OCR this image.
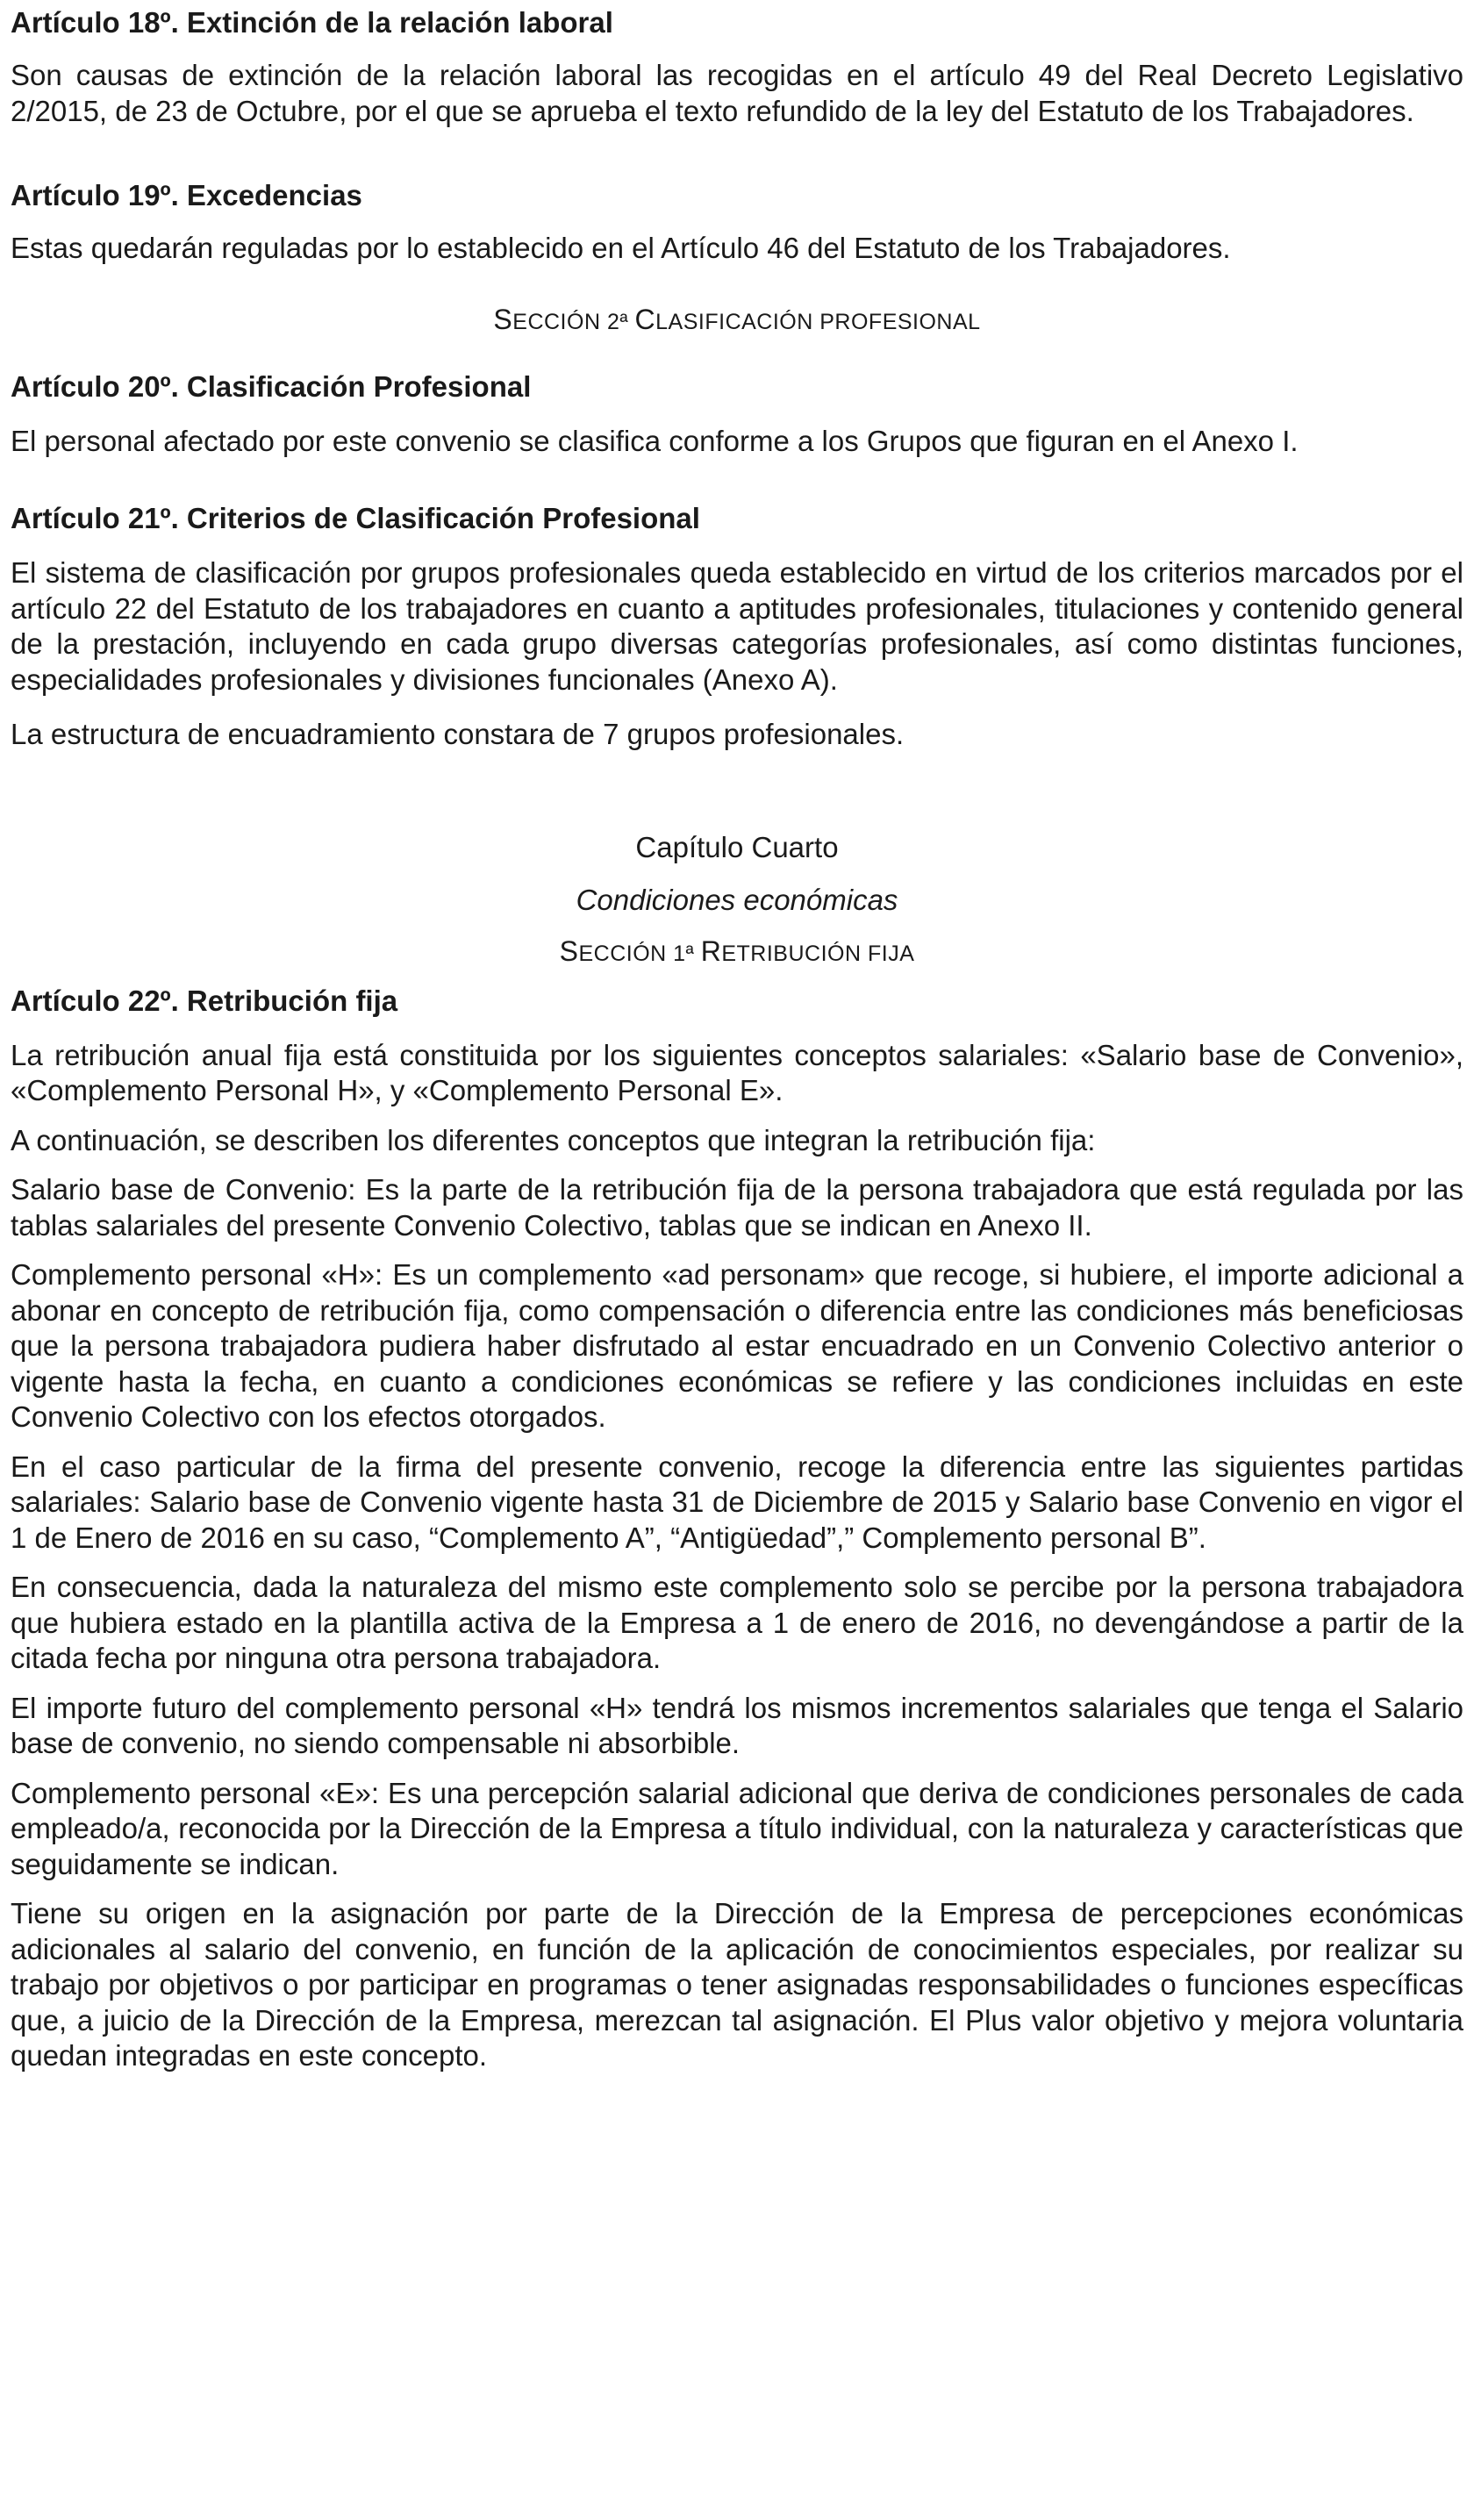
Artículo 18º. Extinción de la relación laboral

Son causas de extinción de la relación laboral las recogidas en el artículo 49 del Real Decreto Legislativo 2/2015, de 23 de Octubre, por el que se aprueba el texto refundido de la ley del Estatuto de los Trabajadores.

Artículo 19º. Excedencias

Estas quedarán reguladas por lo establecido en el Artículo 46 del Estatuto de los Trabajadores.

SECCIÓN 2ª CLASIFICACIÓN PROFESIONAL

Artículo 20º. Clasificación Profesional

El personal afectado por este convenio se clasifica conforme a los Grupos que figuran en el Anexo I.

Artículo 21º. Criterios de Clasificación Profesional

El sistema de clasificación por grupos profesionales queda establecido en virtud de los criterios marcados por el artículo 22 del Estatuto de los trabajadores en cuanto a aptitudes profesionales, titulaciones y contenido general de la prestación, incluyendo en cada grupo diversas categorías profesionales, así como distintas funciones, especialidades profesionales y divisiones funcionales (Anexo A).

La estructura de encuadramiento constara de 7 grupos profesionales.

Capítulo Cuarto

Condiciones económicas

SECCIÓN 1ª RETRIBUCIÓN FIJA

Artículo 22º. Retribución fija

La retribución anual fija está constituida por los siguientes conceptos salariales: «Salario base de Convenio», «Complemento Personal H», y «Complemento Personal E».

A continuación, se describen los diferentes conceptos que integran la retribución fija:

Salario base de Convenio: Es la parte de la retribución fija de la persona trabajadora que está regulada por las tablas salariales del presente Convenio Colectivo, tablas que se indican en Anexo II.

Complemento personal «H»: Es un complemento «ad personam» que recoge, si hubiere, el importe adicional a abonar en concepto de retribución fija, como compensación o diferencia entre las condiciones más beneficiosas que la persona trabajadora pudiera haber disfrutado al estar encuadrado en un Convenio Colectivo anterior o vigente hasta la fecha, en cuanto a condiciones económicas se refiere y las condiciones incluidas en este Convenio Colectivo con los efectos otorgados.

En el caso particular de la firma del presente convenio, recoge la diferencia entre las siguientes partidas salariales: Salario base de Convenio vigente hasta 31 de Diciembre de 2015 y Salario base Convenio en vigor el 1 de Enero de 2016 en su caso, “Complemento A”, “Antigüedad”,” Complemento personal B”.

En consecuencia, dada la naturaleza del mismo este complemento solo se percibe por la persona trabajadora que hubiera estado en la plantilla activa de la Empresa a 1 de enero de 2016, no devengándose a partir de la citada fecha por ninguna otra persona trabajadora.

El importe futuro del complemento personal «H» tendrá los mismos incrementos salariales que tenga el Salario base de convenio, no siendo compensable ni absorbible.

Complemento personal «E»: Es una percepción salarial adicional que deriva de condiciones personales de cada empleado/a, reconocida por la Dirección de la Empresa a título individual, con la naturaleza y características que seguidamente se indican.

Tiene su origen en la asignación por parte de la Dirección de la Empresa de percepciones económicas adicionales al salario del convenio, en función de la aplicación de conocimientos especiales, por realizar su trabajo por objetivos o por participar en programas o tener asignadas responsabilidades o funciones específicas que, a juicio de la Dirección de la Empresa, merezcan tal asignación. El Plus valor objetivo y mejora voluntaria quedan integradas en este concepto.
